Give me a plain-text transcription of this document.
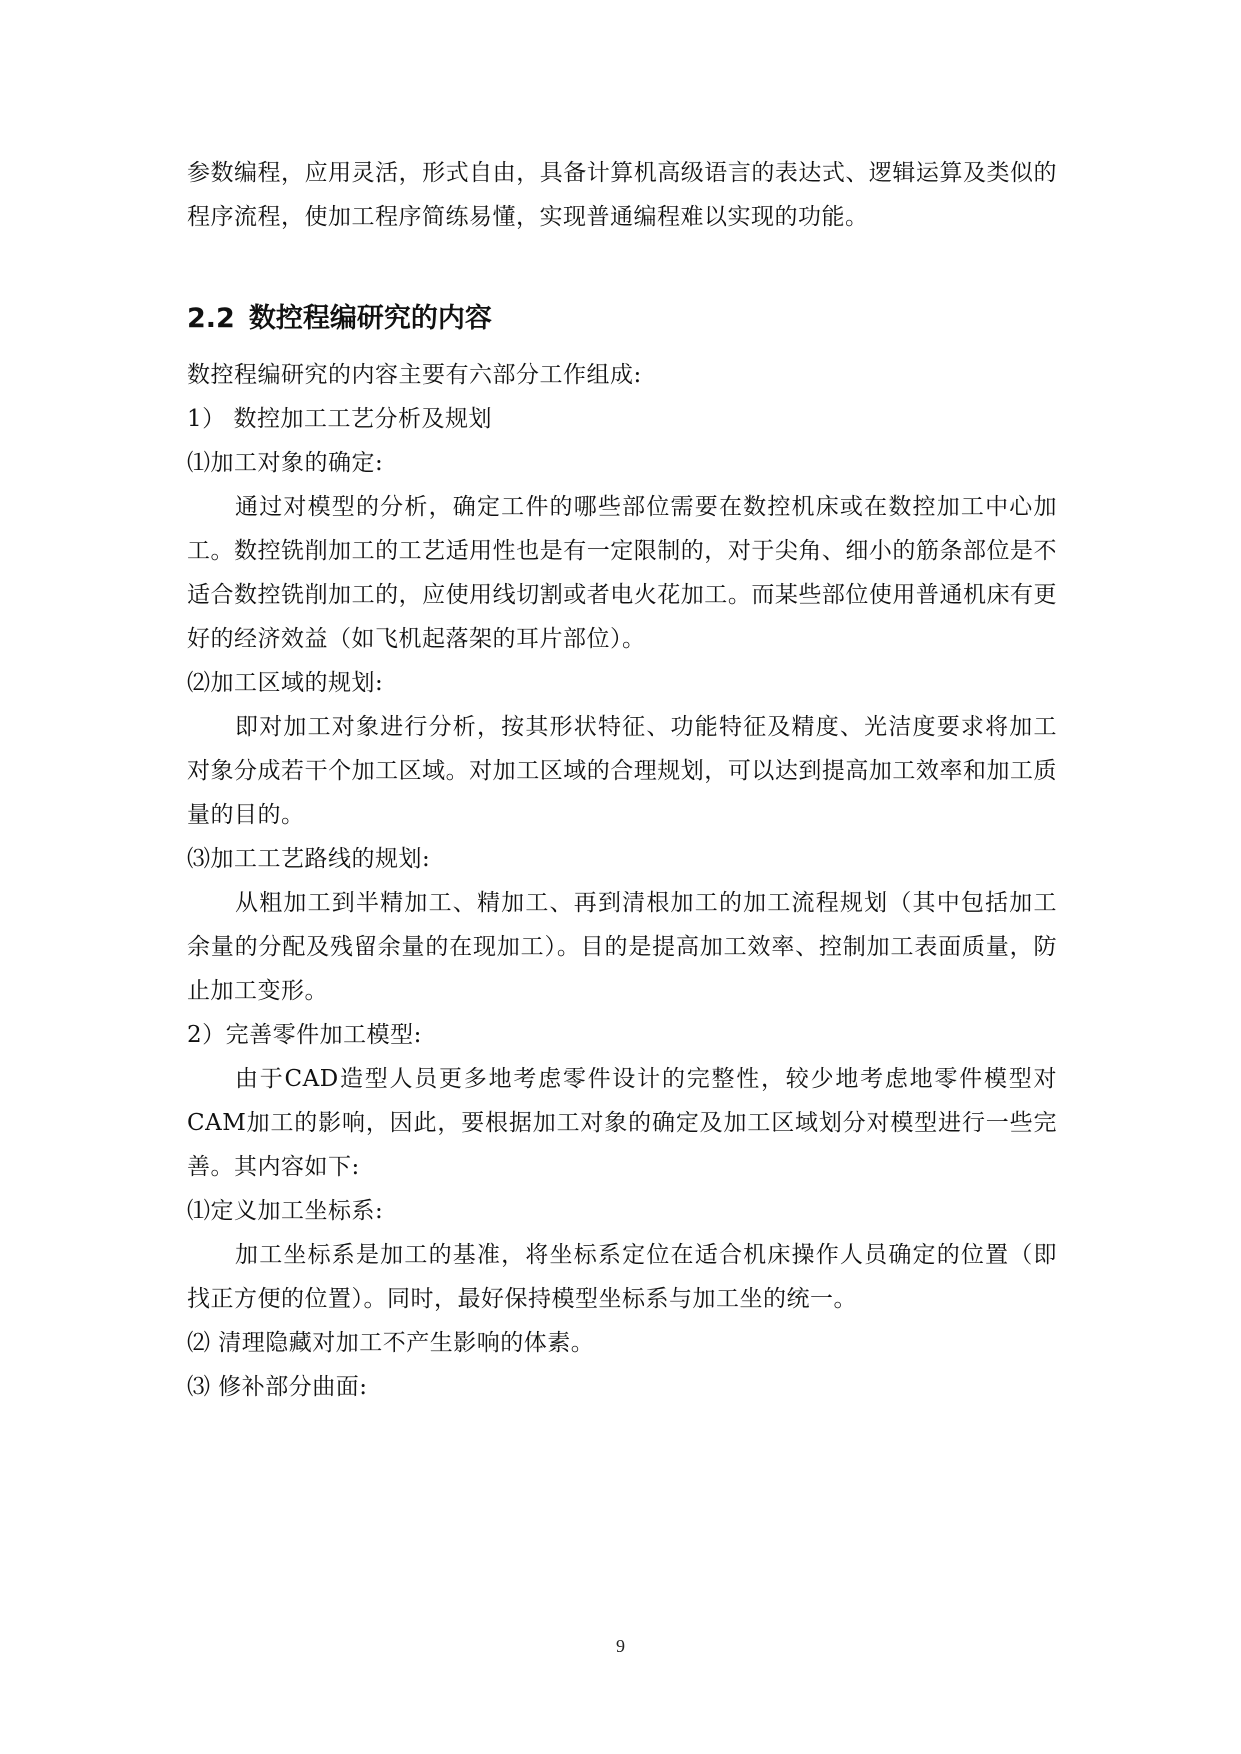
参数编程，应用灵活，形式自由，具备计算机高级语言的表达式、逻辑运算及类似的程序流程，使加工程序简练易懂，实现普通编程难以实现的功能。

2.2 数控程编研究的内容

数控程编研究的内容主要有六部分工作组成:

1） 数控加工工艺分析及规划

⑴加工对象的确定:

通过对模型的分析，确定工件的哪些部位需要在数控机床或在数控加工中心加工。数控铣削加工的工艺适用性也是有一定限制的，对于尖角、细小的筋条部位是不适合数控铣削加工的，应使用线切割或者电火花加工。而某些部位使用普通机床有更好的经济效益（如飞机起落架的耳片部位）。

⑵加工区域的规划:

即对加工对象进行分析，按其形状特征、功能特征及精度、光洁度要求将加工对象分成若干个加工区域。对加工区域的合理规划，可以达到提高加工效率和加工质量的目的。

⑶加工工艺路线的规划:

从粗加工到半精加工、精加工、再到清根加工的加工流程规划（其中包括加工余量的分配及残留余量的在现加工）。目的是提高加工效率、控制加工表面质量，防止加工变形。

2）完善零件加工模型:

由于CAD造型人员更多地考虑零件设计的完整性，较少地考虑地零件模型对CAM加工的影响，因此，要根据加工对象的确定及加工区域划分对模型进行一些完善。其内容如下:

⑴定义加工坐标系:

加工坐标系是加工的基准，将坐标系定位在适合机床操作人员确定的位置（即找正方便的位置）。同时，最好保持模型坐标系与加工坐的统一。

⑵ 清理隐藏对加工不产生影响的体素。

⑶ 修补部分曲面:

9
